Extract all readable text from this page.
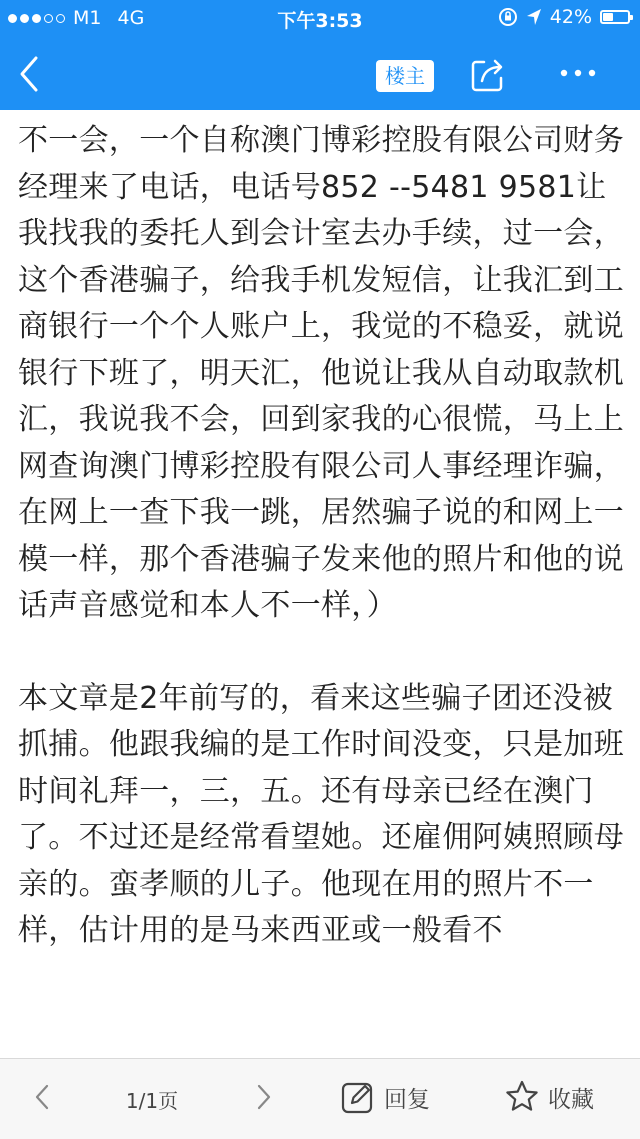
M1 4G	下午3:53	42%
楼主

不一会，一个自称澳门博彩控股有限公司财务经理来了电话，电话号852 --5481 9581让我找我的委托人到会计室去办手续，过一会，这个香港骗子，给我手机发短信，让我汇到工商银行一个个人账户上，我觉的不稳妥，就说银行下班了，明天汇，他说让我从自动取款机汇，我说我不会，回到家我的心很慌，马上上网查询澳门博彩控股有限公司人事经理诈骗，在网上一查下我一跳，居然骗子说的和网上一模一样，那个香港骗子发来他的照片和他的说话声音感觉和本人不一样，）

本文章是2年前写的，看来这些骗子团还没被抓捕。他跟我编的是工作时间没变，只是加班时间礼拜一，三，五。还有母亲已经在澳门了。不过还是经常看望她。还雇佣阿姨照顾母亲的。蛮孝顺的儿子。他现在用的照片不一样，估计用的是马来西亚或一般看不

1/1页	回复	收藏
